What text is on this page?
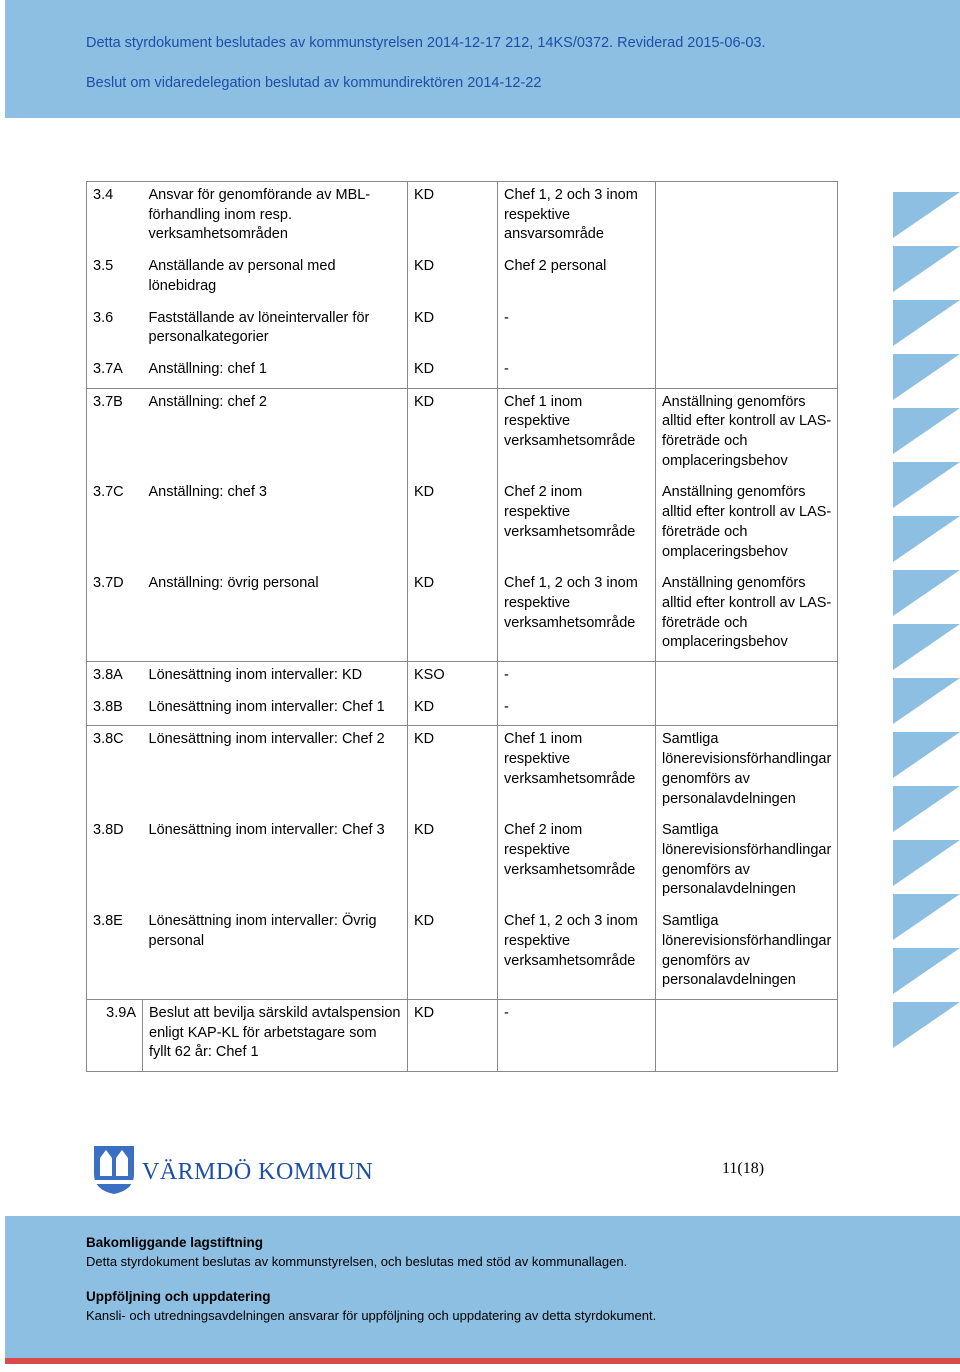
Detta styrdokument beslutades av kommunstyrelsen 2014-12-17 212, 14KS/0372. Reviderad 2015-06-03.
Beslut om vidaredelegation beslutad av kommundirektören 2014-12-22
3.4	Ansvar för genomförande av MBL-förhandling inom resp. verksamhetsområden	KD	Chef 1, 2 och 3 inom respektive ansvarsområde	
3.5	Anställande av personal med lönebidrag	KD	Chef 2 personal	
3.6	Fastställande av löneintervaller för personalkategorier	KD	-	
3.7A	Anställning: chef 1	KD	-	
3.7B	Anställning: chef 2	KD	Chef 1 inom respektive verksamhetsområde	Anställning genomförs alltid efter kontroll av LAS-företräde och omplaceringsbehov
3.7C	Anställning: chef 3	KD	Chef 2 inom respektive verksamhetsområde	Anställning genomförs alltid efter kontroll av LAS-företräde och omplaceringsbehov
3.7D	Anställning: övrig personal	KD	Chef 1, 2 och 3 inom respektive verksamhetsområde	Anställning genomförs alltid efter kontroll av LAS-företräde och omplaceringsbehov
3.8A	Lönesättning inom intervaller: KD	KSO	-	
3.8B	Lönesättning inom intervaller: Chef 1	KD	-	
3.8C	Lönesättning inom intervaller: Chef 2	KD	Chef 1 inom respektive verksamhetsområde	Samtliga lönerevisionsförhandlingar genomförs av personalavdelningen
3.8D	Lönesättning inom intervaller: Chef 3	KD	Chef 2 inom respektive verksamhetsområde	Samtliga lönerevisionsförhandlingar genomförs av personalavdelningen
3.8E	Lönesättning inom intervaller: Övrig personal	KD	Chef 1, 2 och 3 inom respektive verksamhetsområde	Samtliga lönerevisionsförhandlingar genomförs av personalavdelningen
3.9A	Beslut att bevilja särskild avtalspension enligt KAP-KL för arbetstagare som fyllt 62 år: Chef 1	KD	-	
VÄRMDÖ KOMMUN	11(18)
Bakomliggande lagstiftning
Detta styrdokument beslutas av kommunstyrelsen, och beslutas med stöd av kommunallagen.
Uppföljning och uppdatering
Kansli- och utredningsavdelningen ansvarar för uppföljning och uppdatering av detta styrdokument.
